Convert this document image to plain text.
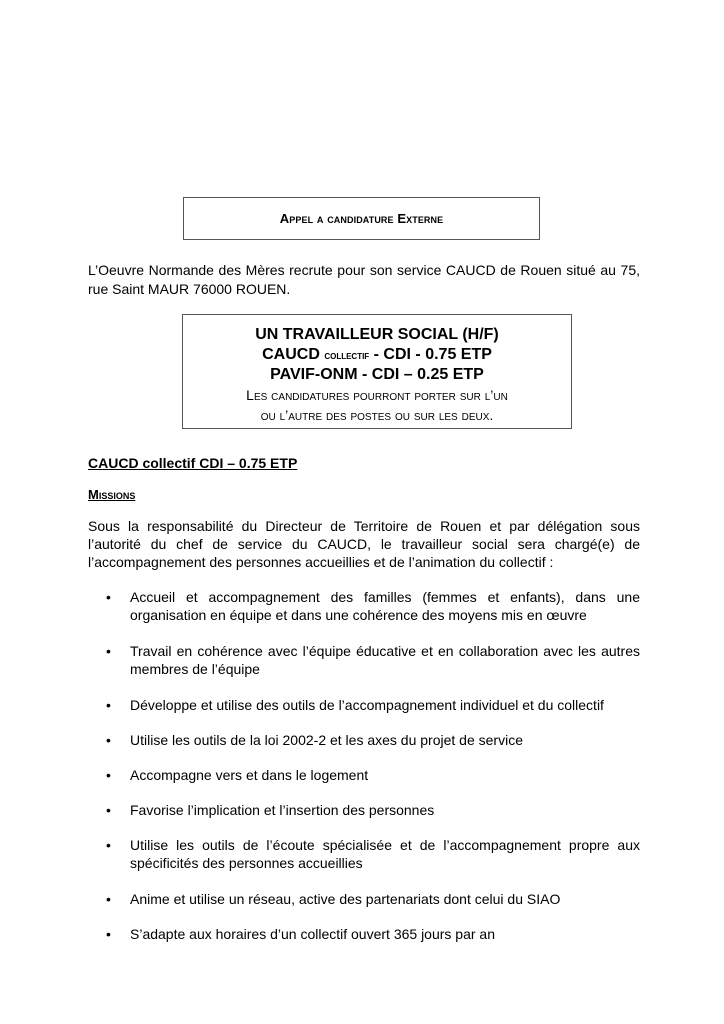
Appel a candidature Externe
L’Oeuvre Normande des Mères recrute pour son service CAUCD de Rouen situé au 75, rue Saint MAUR 76000 ROUEN.
UN TRAVAILLEUR SOCIAL (H/F)
CAUCD collectif - CDI - 0.75 ETP
PAVIF-ONM - CDI – 0.25 ETP
Les candidatures pourront porter sur l’un
ou l’autre des postes ou sur les deux.
CAUCD collectif CDI – 0.75 ETP
Missions
Sous la responsabilité du Directeur de Territoire de Rouen et par délégation sous l’autorité du chef de service du CAUCD, le travailleur social sera chargé(e) de l’accompagnement des personnes accueillies et de l’animation du collectif :
• Accueil et accompagnement des familles (femmes et enfants), dans une organisation en équipe et dans une cohérence des moyens mis en œuvre
• Travail en cohérence avec l’équipe éducative et en collaboration avec les autres membres de l’équipe
• Développe et utilise des outils de l’accompagnement individuel et du collectif
• Utilise les outils de la loi 2002-2 et les axes du projet de service
• Accompagne vers et dans le logement
• Favorise l’implication et l’insertion des personnes
• Utilise les outils de l’écoute spécialisée et de l’accompagnement propre aux spécificités des personnes accueillies
• Anime et utilise un réseau, active des partenariats dont celui du SIAO
• S’adapte aux horaires d’un collectif ouvert 365 jours par an
